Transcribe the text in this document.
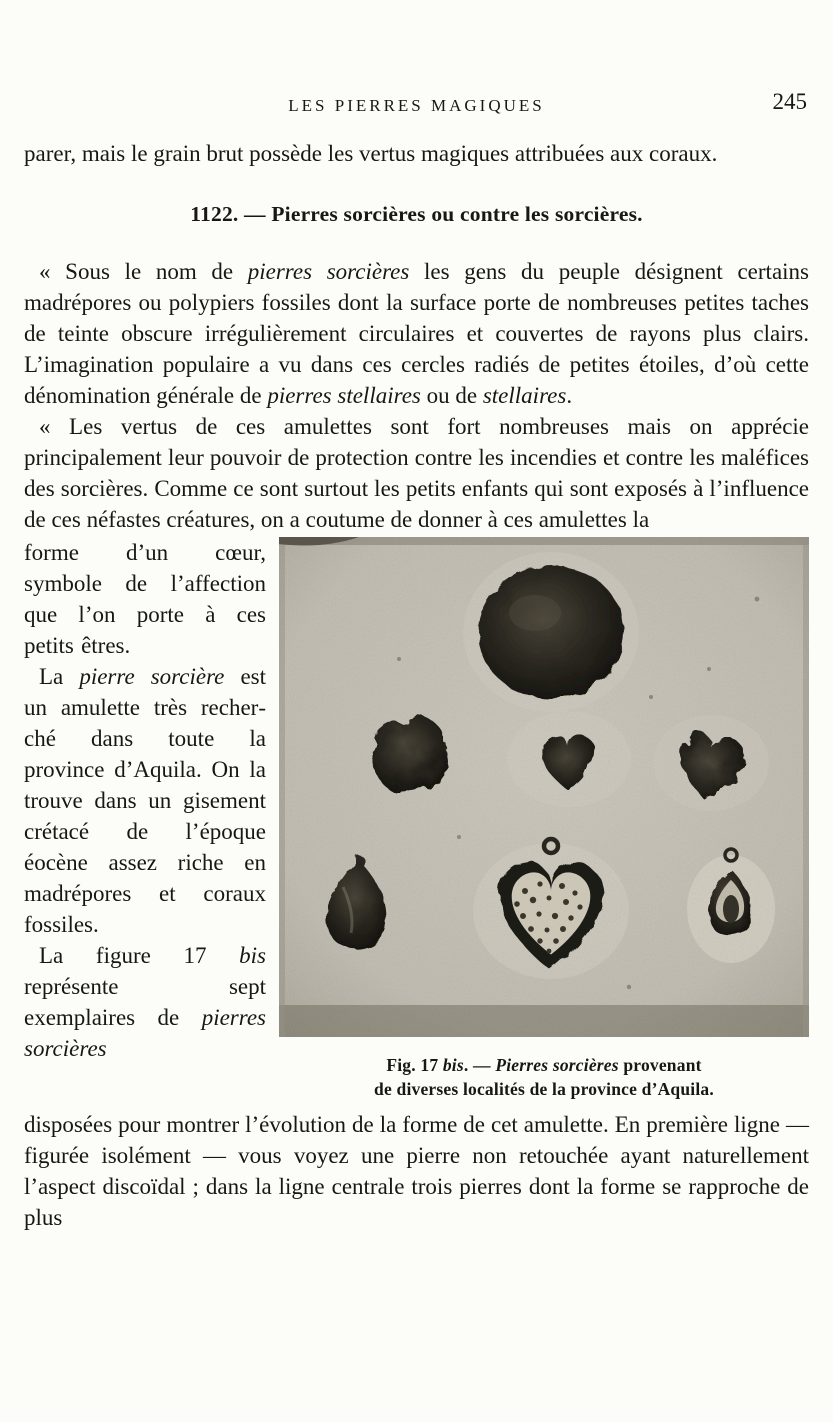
LES PIERRES MAGIQUES	245

parer, mais le grain brut possède les vertus magiques attribuées aux coraux.

1122. — Pierres sorcières ou contre les sorcières.

« Sous le nom de pierres sorcières les gens du peuple désignent certains madrépores ou polypiers fossiles dont la surface porte de nombreuses petites taches de teinte obscure irrégulièrement circulaires et couvertes de rayons plus clairs. L’imagination populaire a vu dans ces cercles radiés de petites étoiles, d’où cette dénomination générale de pierres stellaires ou de stellaires.

« Les vertus de ces amulettes sont fort nombreuses mais on apprécie principalement leur pouvoir de protection contre les incendies et contre les maléfices des sorcières. Comme ce sont surtout les petits enfants qui sont exposés à l’influence de ces néfastes créatures, on a coutume de donner à ces amulettes la

forme d’un cœur, symbole de l’affection que l’on porte à ces petits êtres.

La pierre sorcière est un amulette très recherché dans toute la province d’Aquila. On la trouve dans un gisement crétacé de l’époque éocène assez riche en madrépores et coraux fossiles.

La figure 17 bis représente sept exemplaires de pierres sorcières

Fig. 17 bis. — Pierres sorcières provenant
de diverses localités de la province d’Aquila.

disposées pour montrer l’évolution de la forme de cet amulette. En première ligne — figurée isolément — vous voyez une pierre non retouchée ayant naturellement l’aspect discoïdal ; dans la ligne centrale trois pierres dont la forme se rapproche de plus
